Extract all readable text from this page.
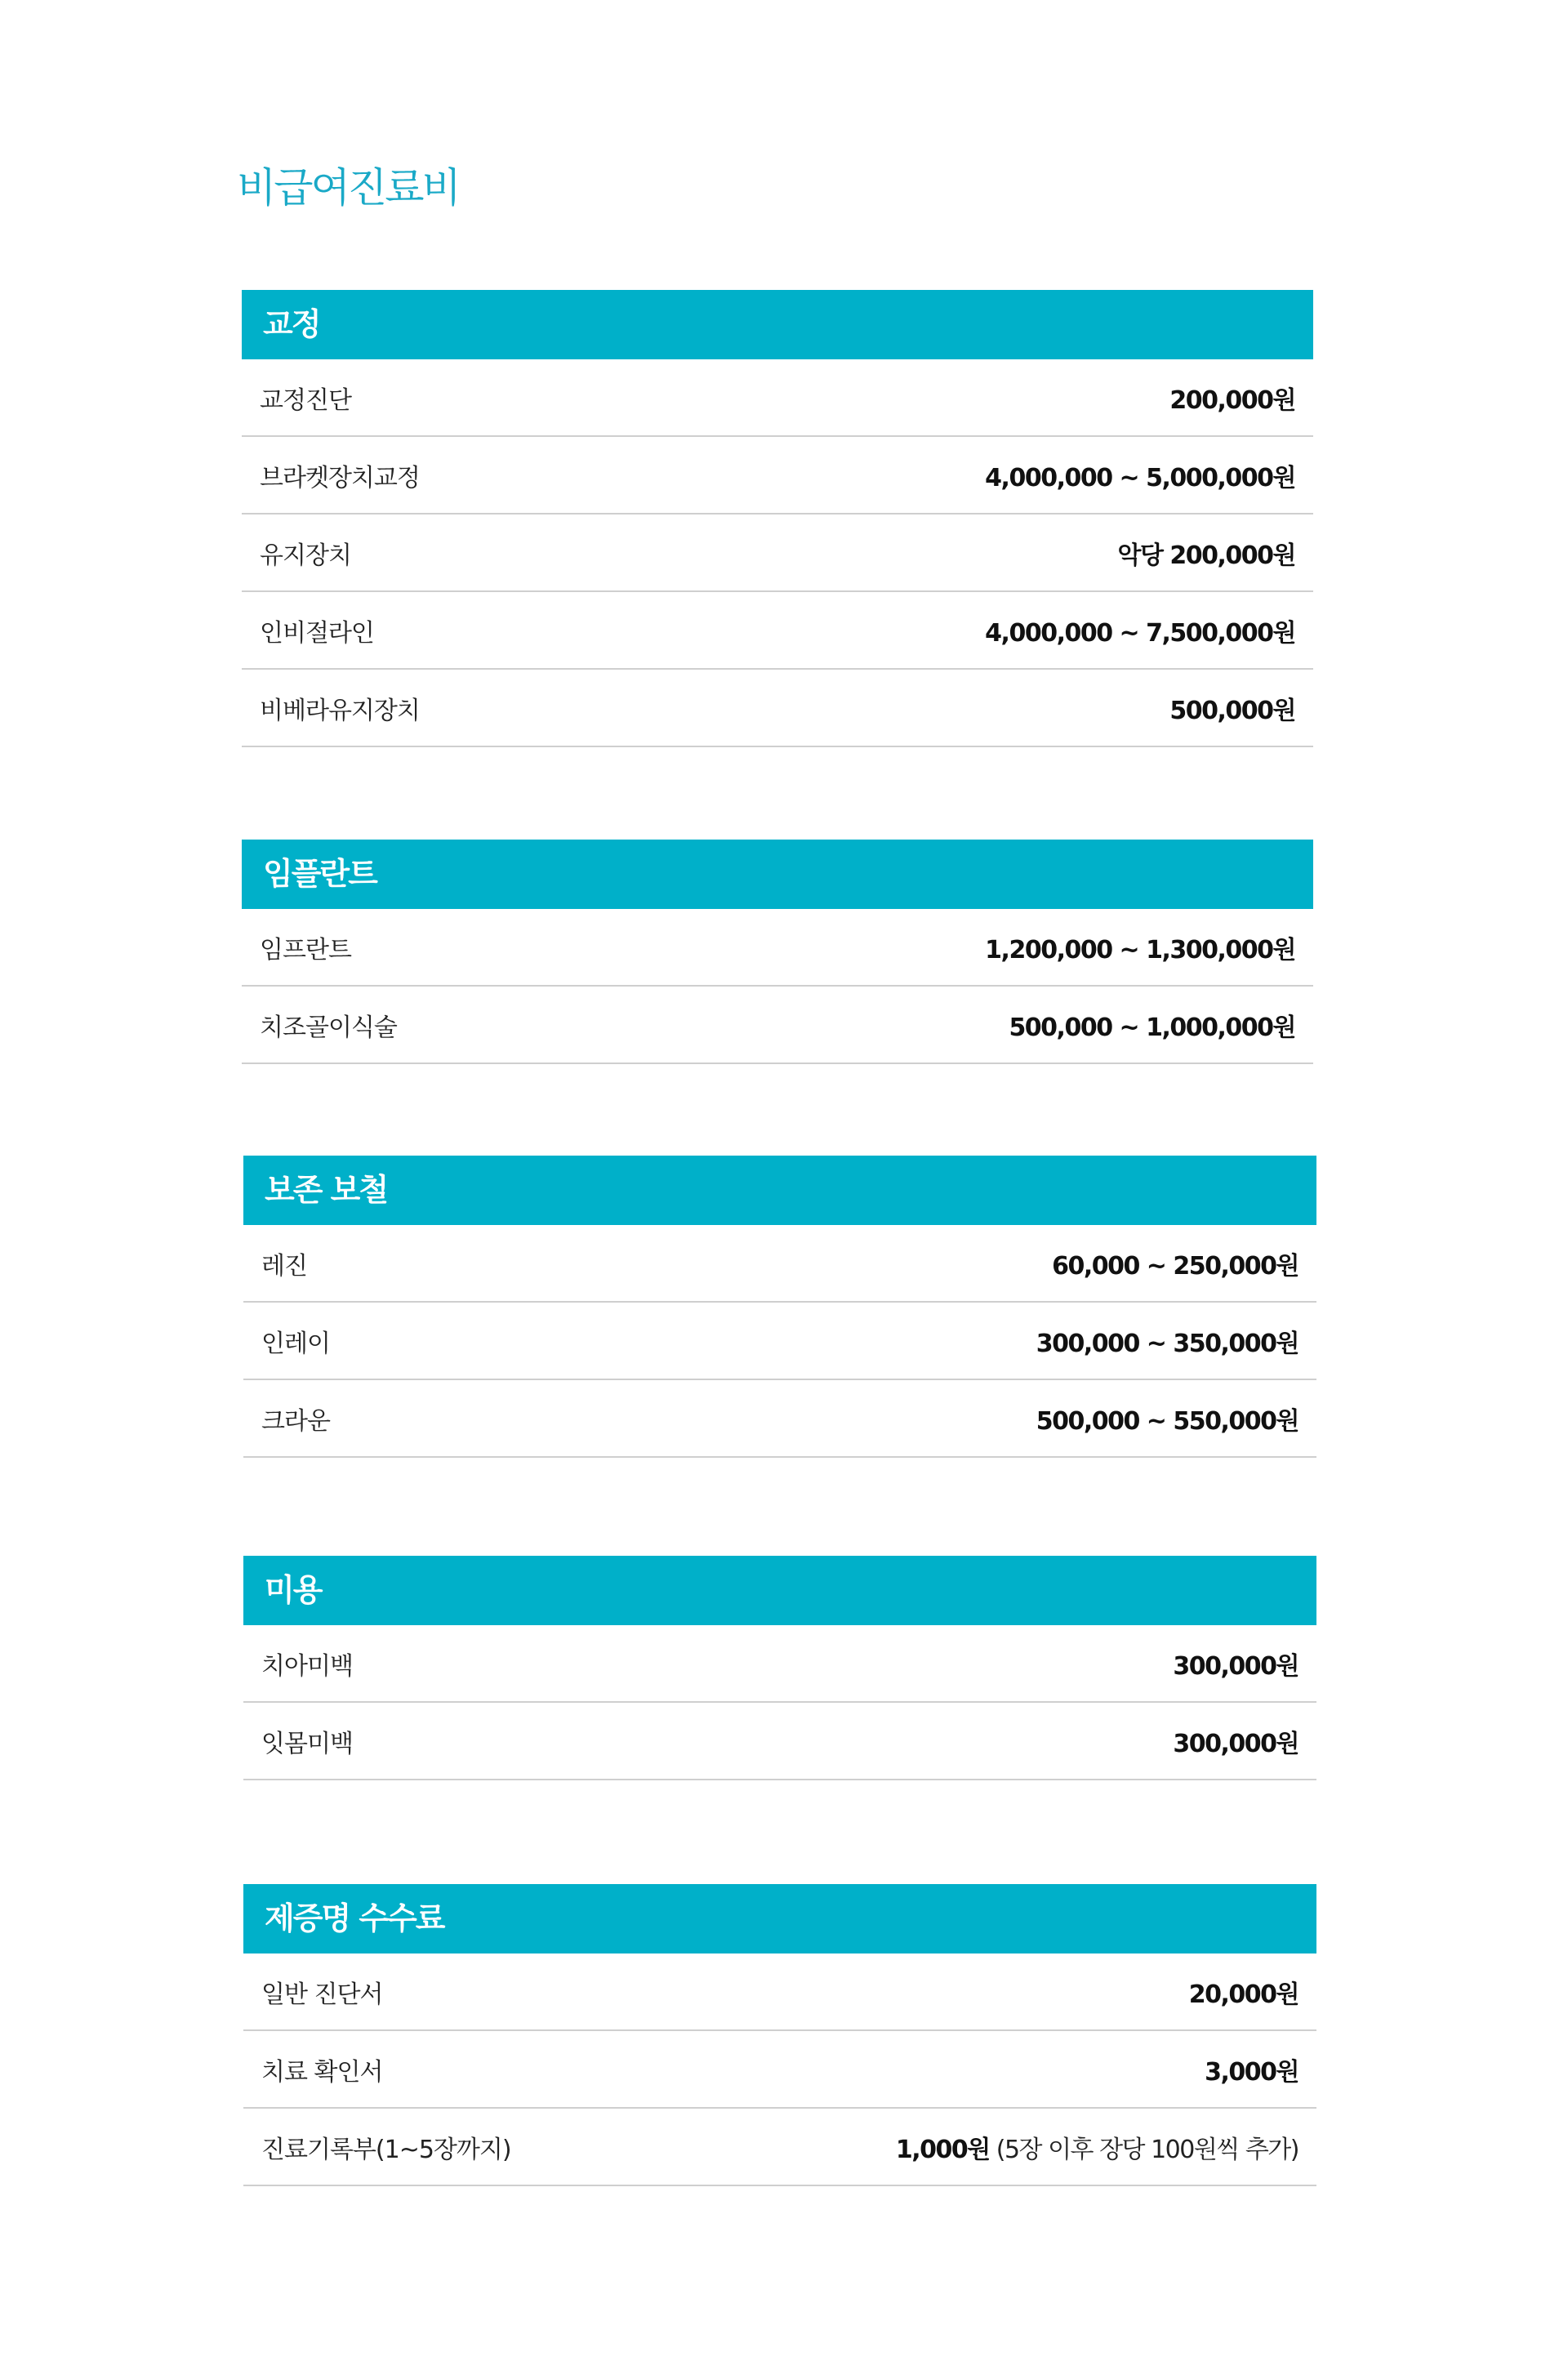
비급여진료비
교정
교정진단	200,000원
브라켓장치교정	4,000,000 ~ 5,000,000원
유지장치	악당 200,000원
인비절라인	4,000,000 ~ 7,500,000원
비베라유지장치	500,000원
임플란트
임프란트	1,200,000 ~ 1,300,000원
치조골이식술	500,000 ~ 1,000,000원
보존 보철
레진	60,000 ~ 250,000원
인레이	300,000 ~ 350,000원
크라운	500,000 ~ 550,000원
미용
치아미백	300,000원
잇몸미백	300,000원
제증명 수수료
일반 진단서	20,000원
치료 확인서	3,000원
진료기록부(1~5장까지)	1,000원 (5장 이후 장당 100원씩 추가)
